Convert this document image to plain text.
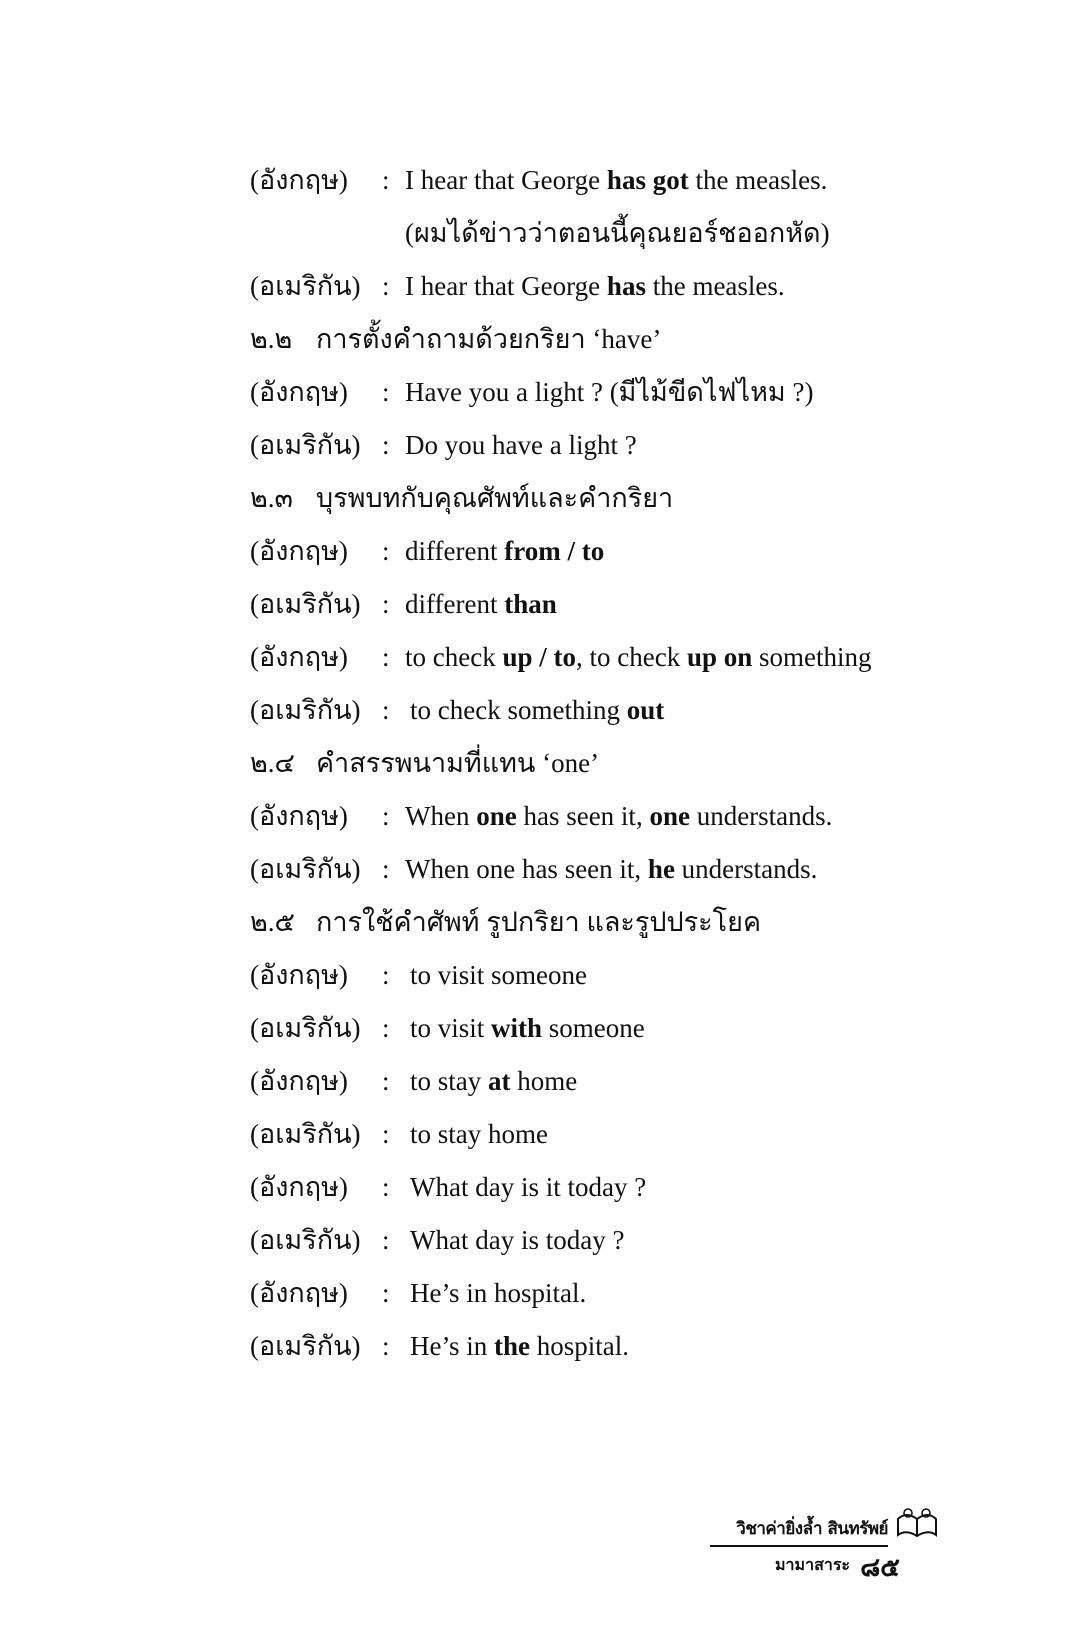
(อังกฤษ) : I hear that George has got the measles.
(ผมได้ข่าวว่าตอนนี้คุณยอร์ชออกหัด)
(อเมริกัน) : I hear that George has the measles.
๒.๒ การตั้งคำถามด้วยกริยา ‘have’
(อังกฤษ) : Have you a light ? (มีไม้ขีดไฟไหม ?)
(อเมริกัน) : Do you have a light ?
๒.๓ บุรพบทกับคุณศัพท์และคำกริยา
(อังกฤษ) : different from / to
(อเมริกัน) : different than
(อังกฤษ) : to check up / to, to check up on something
(อเมริกัน) : to check something out
๒.๔ คำสรรพนามที่แทน ‘one’
(อังกฤษ) : When one has seen it, one understands.
(อเมริกัน) : When one has seen it, he understands.
๒.๕ การใช้คำศัพท์ รูปกริยา และรูปประโยค
(อังกฤษ) : to visit someone
(อเมริกัน) : to visit with someone
(อังกฤษ) : to stay at home
(อเมริกัน) : to stay home
(อังกฤษ) : What day is it today ?
(อเมริกัน) : What day is today ?
(อังกฤษ) : He’s in hospital.
(อเมริกัน) : He’s in the hospital.
วิชาค่ายิ่งล้ำ สินทรัพย์
มามาสาระ ๘๕
